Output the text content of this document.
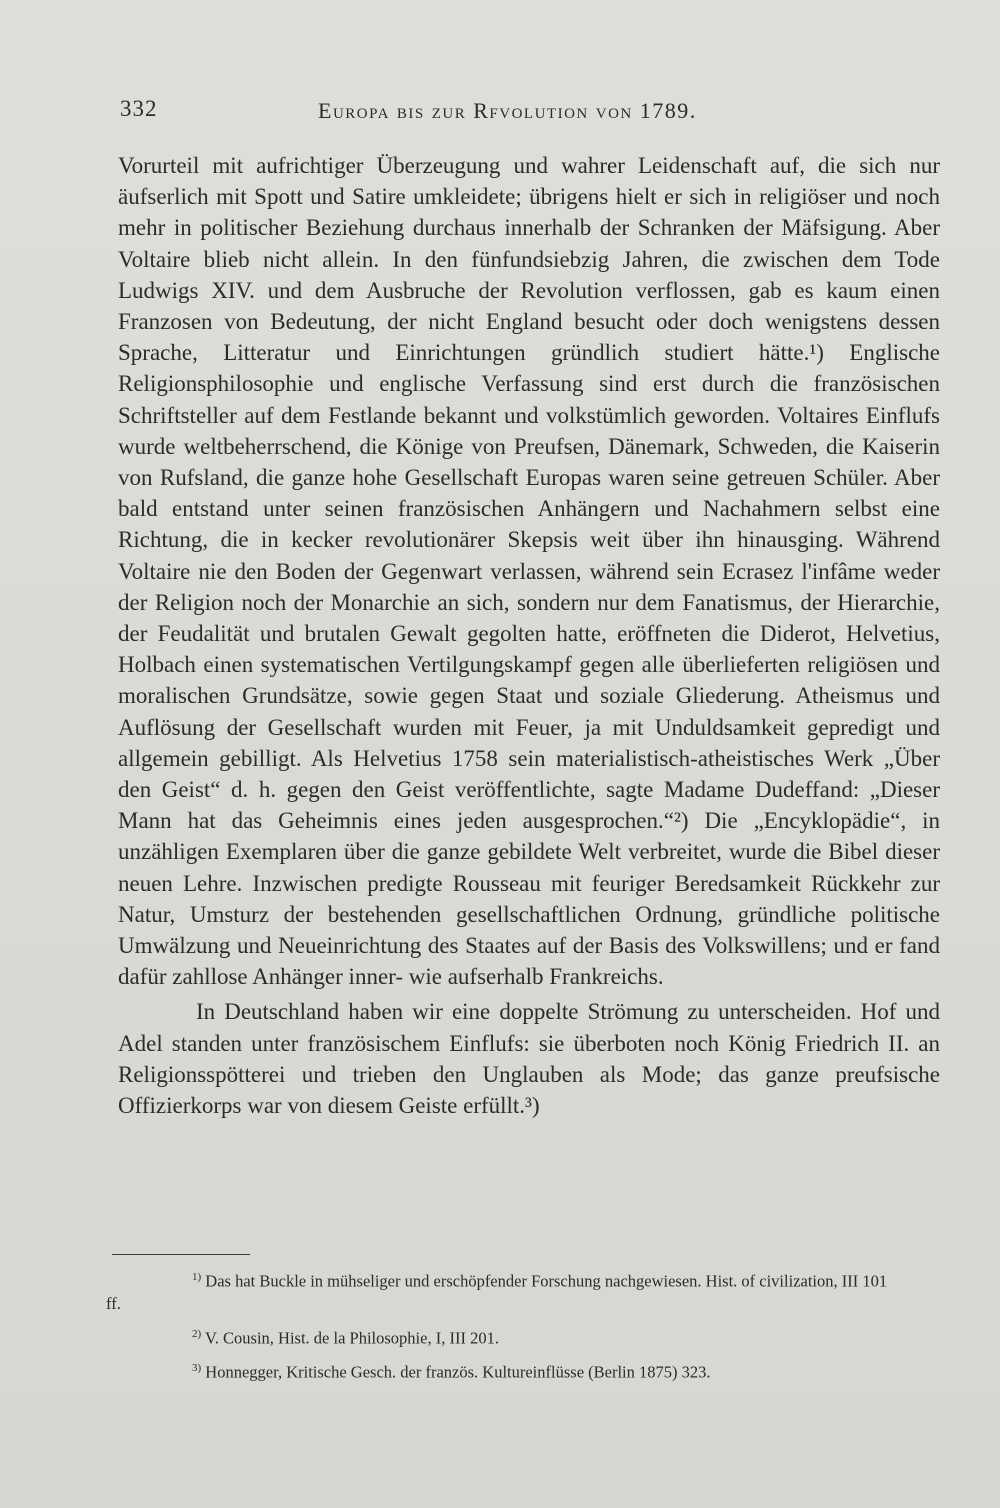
332	Europa bis zur Rfvolution von 1789.

Vorurteil mit aufrichtiger Überzeugung und wahrer Leidenschaft auf, die sich nur äufserlich mit Spott und Satire umkleidete; übrigens hielt er sich in religiöser und noch mehr in politischer Beziehung durchaus innerhalb der Schranken der Mäfsigung. Aber Voltaire blieb nicht allein. In den fünfundsiebzig Jahren, die zwischen dem Tode Ludwigs XIV. und dem Ausbruche der Revolution verflossen, gab es kaum einen Franzosen von Bedeutung, der nicht England besucht oder doch wenigstens dessen Sprache, Litteratur und Einrichtungen gründlich studiert hätte.¹) Englische Religionsphilosophie und englische Verfassung sind erst durch die französischen Schriftsteller auf dem Festlande bekannt und volkstümlich geworden. Voltaires Einflufs wurde weltbeherrschend, die Könige von Preufsen, Dänemark, Schweden, die Kaiserin von Rufsland, die ganze hohe Gesellschaft Europas waren seine getreuen Schüler. Aber bald entstand unter seinen französischen Anhängern und Nachahmern selbst eine Richtung, die in kecker revolutionärer Skepsis weit über ihn hinausging. Während Voltaire nie den Boden der Gegenwart verlassen, während sein Ecrasez l'infâme weder der Religion noch der Monarchie an sich, sondern nur dem Fanatismus, der Hierarchie, der Feudalität und brutalen Gewalt gegolten hatte, eröffneten die Diderot, Helvetius, Holbach einen systematischen Vertilgungskampf gegen alle überlieferten religiösen und moralischen Grundsätze, sowie gegen Staat und soziale Gliederung. Atheismus und Auflösung der Gesellschaft wurden mit Feuer, ja mit Unduldsamkeit gepredigt und allgemein gebilligt. Als Helvetius 1758 sein materialistisch-atheistisches Werk „Über den Geist“ d. h. gegen den Geist veröffentlichte, sagte Madame Dudeffand: „Dieser Mann hat das Geheimnis eines jeden ausgesprochen.“²) Die „Encyklopädie“, in unzähligen Exemplaren über die ganze gebildete Welt verbreitet, wurde die Bibel dieser neuen Lehre. Inzwischen predigte Rousseau mit feuriger Beredsamkeit Rückkehr zur Natur, Umsturz der bestehenden gesellschaftlichen Ordnung, gründliche politische Umwälzung und Neueinrichtung des Staates auf der Basis des Volkswillens; und er fand dafür zahllose Anhänger inner- wie aufserhalb Frankreichs.

In Deutschland haben wir eine doppelte Strömung zu unterscheiden. Hof und Adel standen unter französischem Einflufs: sie überboten noch König Friedrich II. an Religionsspötterei und trieben den Unglauben als Mode; das ganze preufsische Offizierkorps war von diesem Geiste erfüllt.³)

$^{1)}$ Das hat Buckle in mühseliger und erschöpfender Forschung nachgewiesen. Hist. of civilization, III 101 ff.

$^{2)}$ V. Cousin, Hist. de la Philosophie, I, III 201.

$^{3)}$ Honnegger, Kritische Gesch. der französ. Kultureinflüsse (Berlin 1875) 323.
